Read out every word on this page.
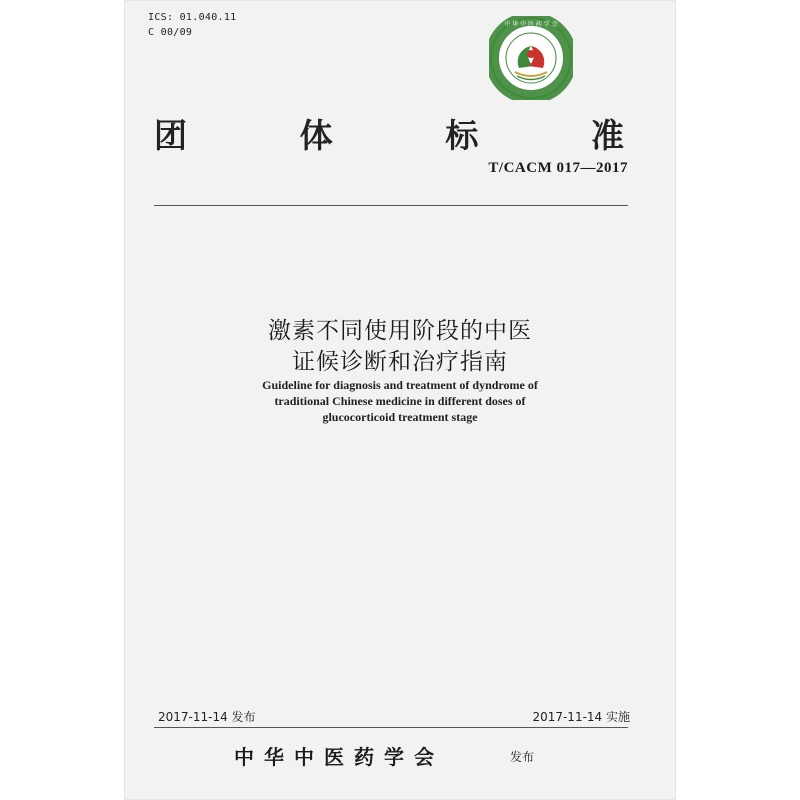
ICS: 01.040.11
C 00/09
中 华 中 医 药 学 会
团	体	标	准
T/CACM 017—2017
激素不同使用阶段的中医
证候诊断和治疗指南
Guideline for diagnosis and treatment of dyndrome of
traditional Chinese medicine in different doses of
glucocorticoid treatment stage
2017-11-14 发布	2017-11-14 实施
中华中医药学会	发布
